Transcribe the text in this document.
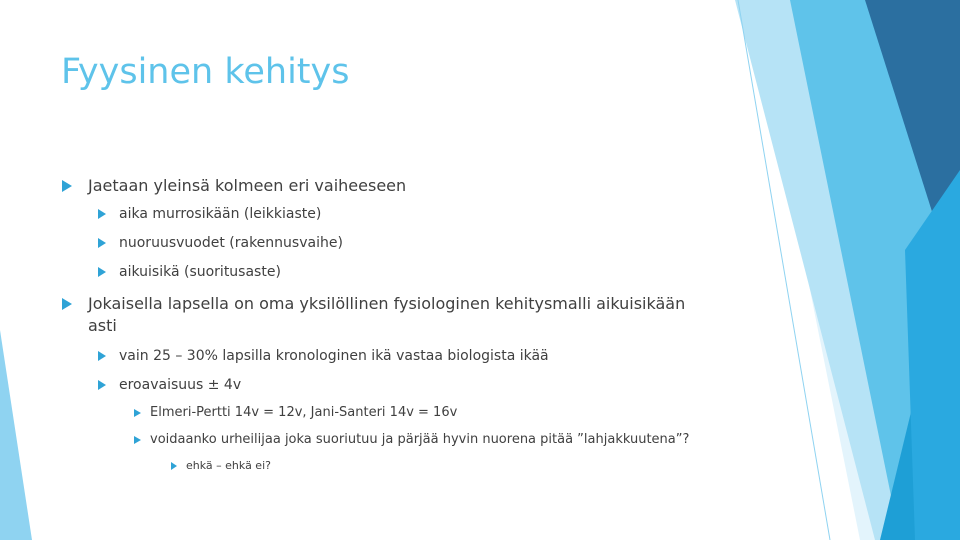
Fyysinen kehitys
Jaetaan yleinsä kolmeen eri vaiheeseen
aika murrosikään (leikkiaste)
nuoruusvuodet (rakennusvaihe)
aikuisikä (suoritusaste)
Jokaisella lapsella on oma yksilöllinen fysiologinen kehitysmalli aikuisikään
asti
vain 25 – 30% lapsilla kronologinen ikä vastaa biologista ikää
eroavaisuus ± 4v
Elmeri-Pertti 14v = 12v, Jani-Santeri 14v = 16v
voidaanko urheilijaa joka suoriutuu ja pärjää hyvin nuorena pitää ”lahjakkuutena”?
ehkä – ehkä ei?
